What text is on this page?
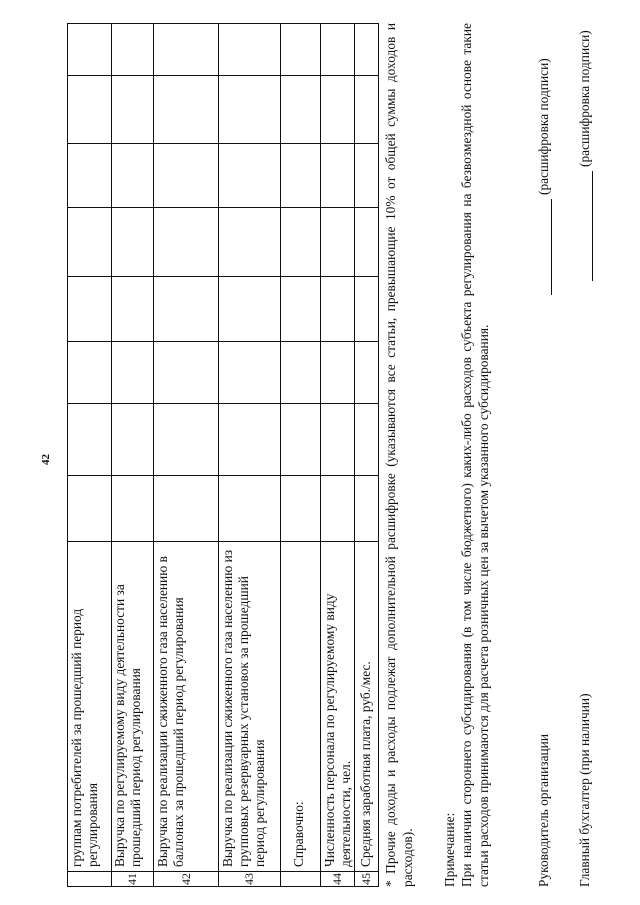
42
группам потребителей за прошедший период регулирования
41
Выручка по регулируемому виду деятельности за прошедший период регулирования
42
Выручка по реализации сжиженного газа населению в баллонах за прошедший период регулирования
43
Выручка по реализации сжиженного газа населению из групповых резервуарных установок за прошедший период регулирования	Справочно:
44
Численность персонала по регулируемому виду деятельности, чел.
45
Средняя заработная плата, руб./мес. * Прочие доходы и расходы подлежат дополнительной расшифровке (указываются все статьи, превышающие 10% от общей суммы доходов и расходов). Примечание: При наличии стороннего субсидирования (в том числе бюджетного) каких-либо расходов субъекта регулирования на безвозмездной основе такие статьи расходов принимаются для расчета розничных цен за вычетом указанного субсидирования.	Руководитель организации
(расшифровка подписи)
Главный бухгалтер (при наличии)
(расшифровка подписи)
